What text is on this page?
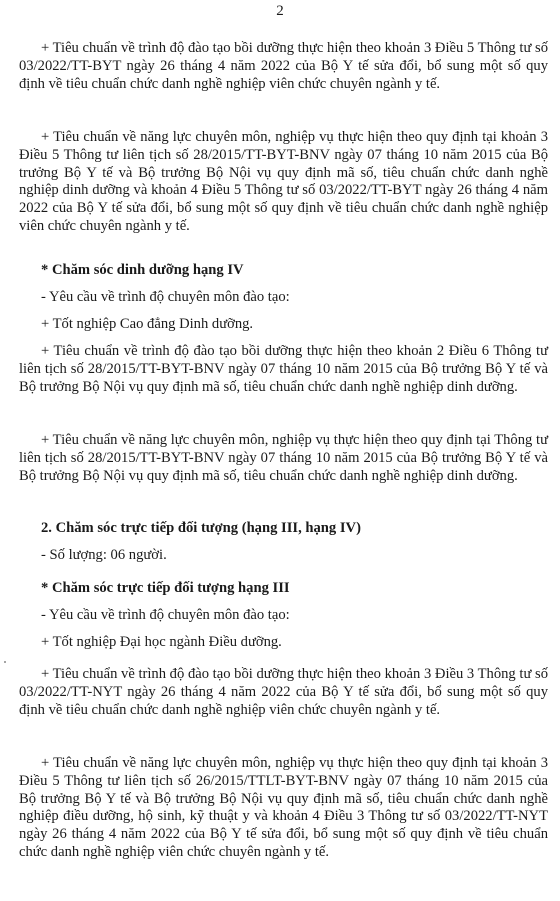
2

+ Tiêu chuẩn về trình độ đào tạo bồi dưỡng thực hiện theo khoản 3 Điều 5 Thông tư số 03/2022/TT-BYT ngày 26 tháng 4 năm 2022 của Bộ Y tế sửa đổi, bổ sung một số quy định về tiêu chuẩn chức danh nghề nghiệp viên chức chuyên ngành y tế.

+ Tiêu chuẩn về năng lực chuyên môn, nghiệp vụ thực hiện theo quy định tại khoản 3 Điều 5 Thông tư liên tịch số 28/2015/TT-BYT-BNV ngày 07 tháng 10 năm 2015 của Bộ trưởng Bộ Y tế và Bộ trưởng Bộ Nội vụ quy định mã số, tiêu chuẩn chức danh nghề nghiệp dinh dưỡng và khoản 4 Điều 5 Thông tư số 03/2022/TT-BYT ngày 26 tháng 4 năm 2022 của Bộ Y tế sửa đổi, bổ sung một số quy định về tiêu chuẩn chức danh nghề nghiệp viên chức chuyên ngành y tế.

* Chăm sóc dinh dưỡng hạng IV

- Yêu cầu về trình độ chuyên môn đào tạo:

+ Tốt nghiệp Cao đẳng Dinh dưỡng.

+ Tiêu chuẩn về trình độ đào tạo bồi dưỡng thực hiện theo khoản 2 Điều 6 Thông tư liên tịch số 28/2015/TT-BYT-BNV ngày 07 tháng 10 năm 2015 của Bộ trưởng Bộ Y tế và Bộ trưởng Bộ Nội vụ quy định mã số, tiêu chuẩn chức danh nghề nghiệp dinh dưỡng.

+ Tiêu chuẩn về năng lực chuyên môn, nghiệp vụ thực hiện theo quy định tại Thông tư liên tịch số 28/2015/TT-BYT-BNV ngày 07 tháng 10 năm 2015 của Bộ trưởng Bộ Y tế và Bộ trưởng Bộ Nội vụ quy định mã số, tiêu chuẩn chức danh nghề nghiệp dinh dưỡng.

2. Chăm sóc trực tiếp đối tượng (hạng III, hạng IV)

- Số lượng: 06 người.

* Chăm sóc trực tiếp đối tượng hạng III

- Yêu cầu về trình độ chuyên môn đào tạo:

+ Tốt nghiệp Đại học ngành Điều dưỡng.

+ Tiêu chuẩn về trình độ đào tạo bồi dưỡng thực hiện theo khoản 3 Điều 3 Thông tư số 03/2022/TT-NYT ngày 26 tháng 4 năm 2022 của Bộ Y tế sửa đổi, bổ sung một số quy định về tiêu chuẩn chức danh nghề nghiệp viên chức chuyên ngành y tế.

+ Tiêu chuẩn về năng lực chuyên môn, nghiệp vụ thực hiện theo quy định tại khoản 3 Điều 5 Thông tư liên tịch số 26/2015/TTLT-BYT-BNV ngày 07 tháng 10 năm 2015 của Bộ trưởng Bộ Y tế và Bộ trưởng Bộ Nội vụ quy định mã số, tiêu chuẩn chức danh nghề nghiệp điều dưỡng, hộ sinh, kỹ thuật y và khoản 4 Điều 3 Thông tư số 03/2022/TT-NYT ngày 26 tháng 4 năm 2022 của Bộ Y tế sửa đổi, bổ sung một số quy định về tiêu chuẩn chức danh nghề nghiệp viên chức chuyên ngành y tế.
